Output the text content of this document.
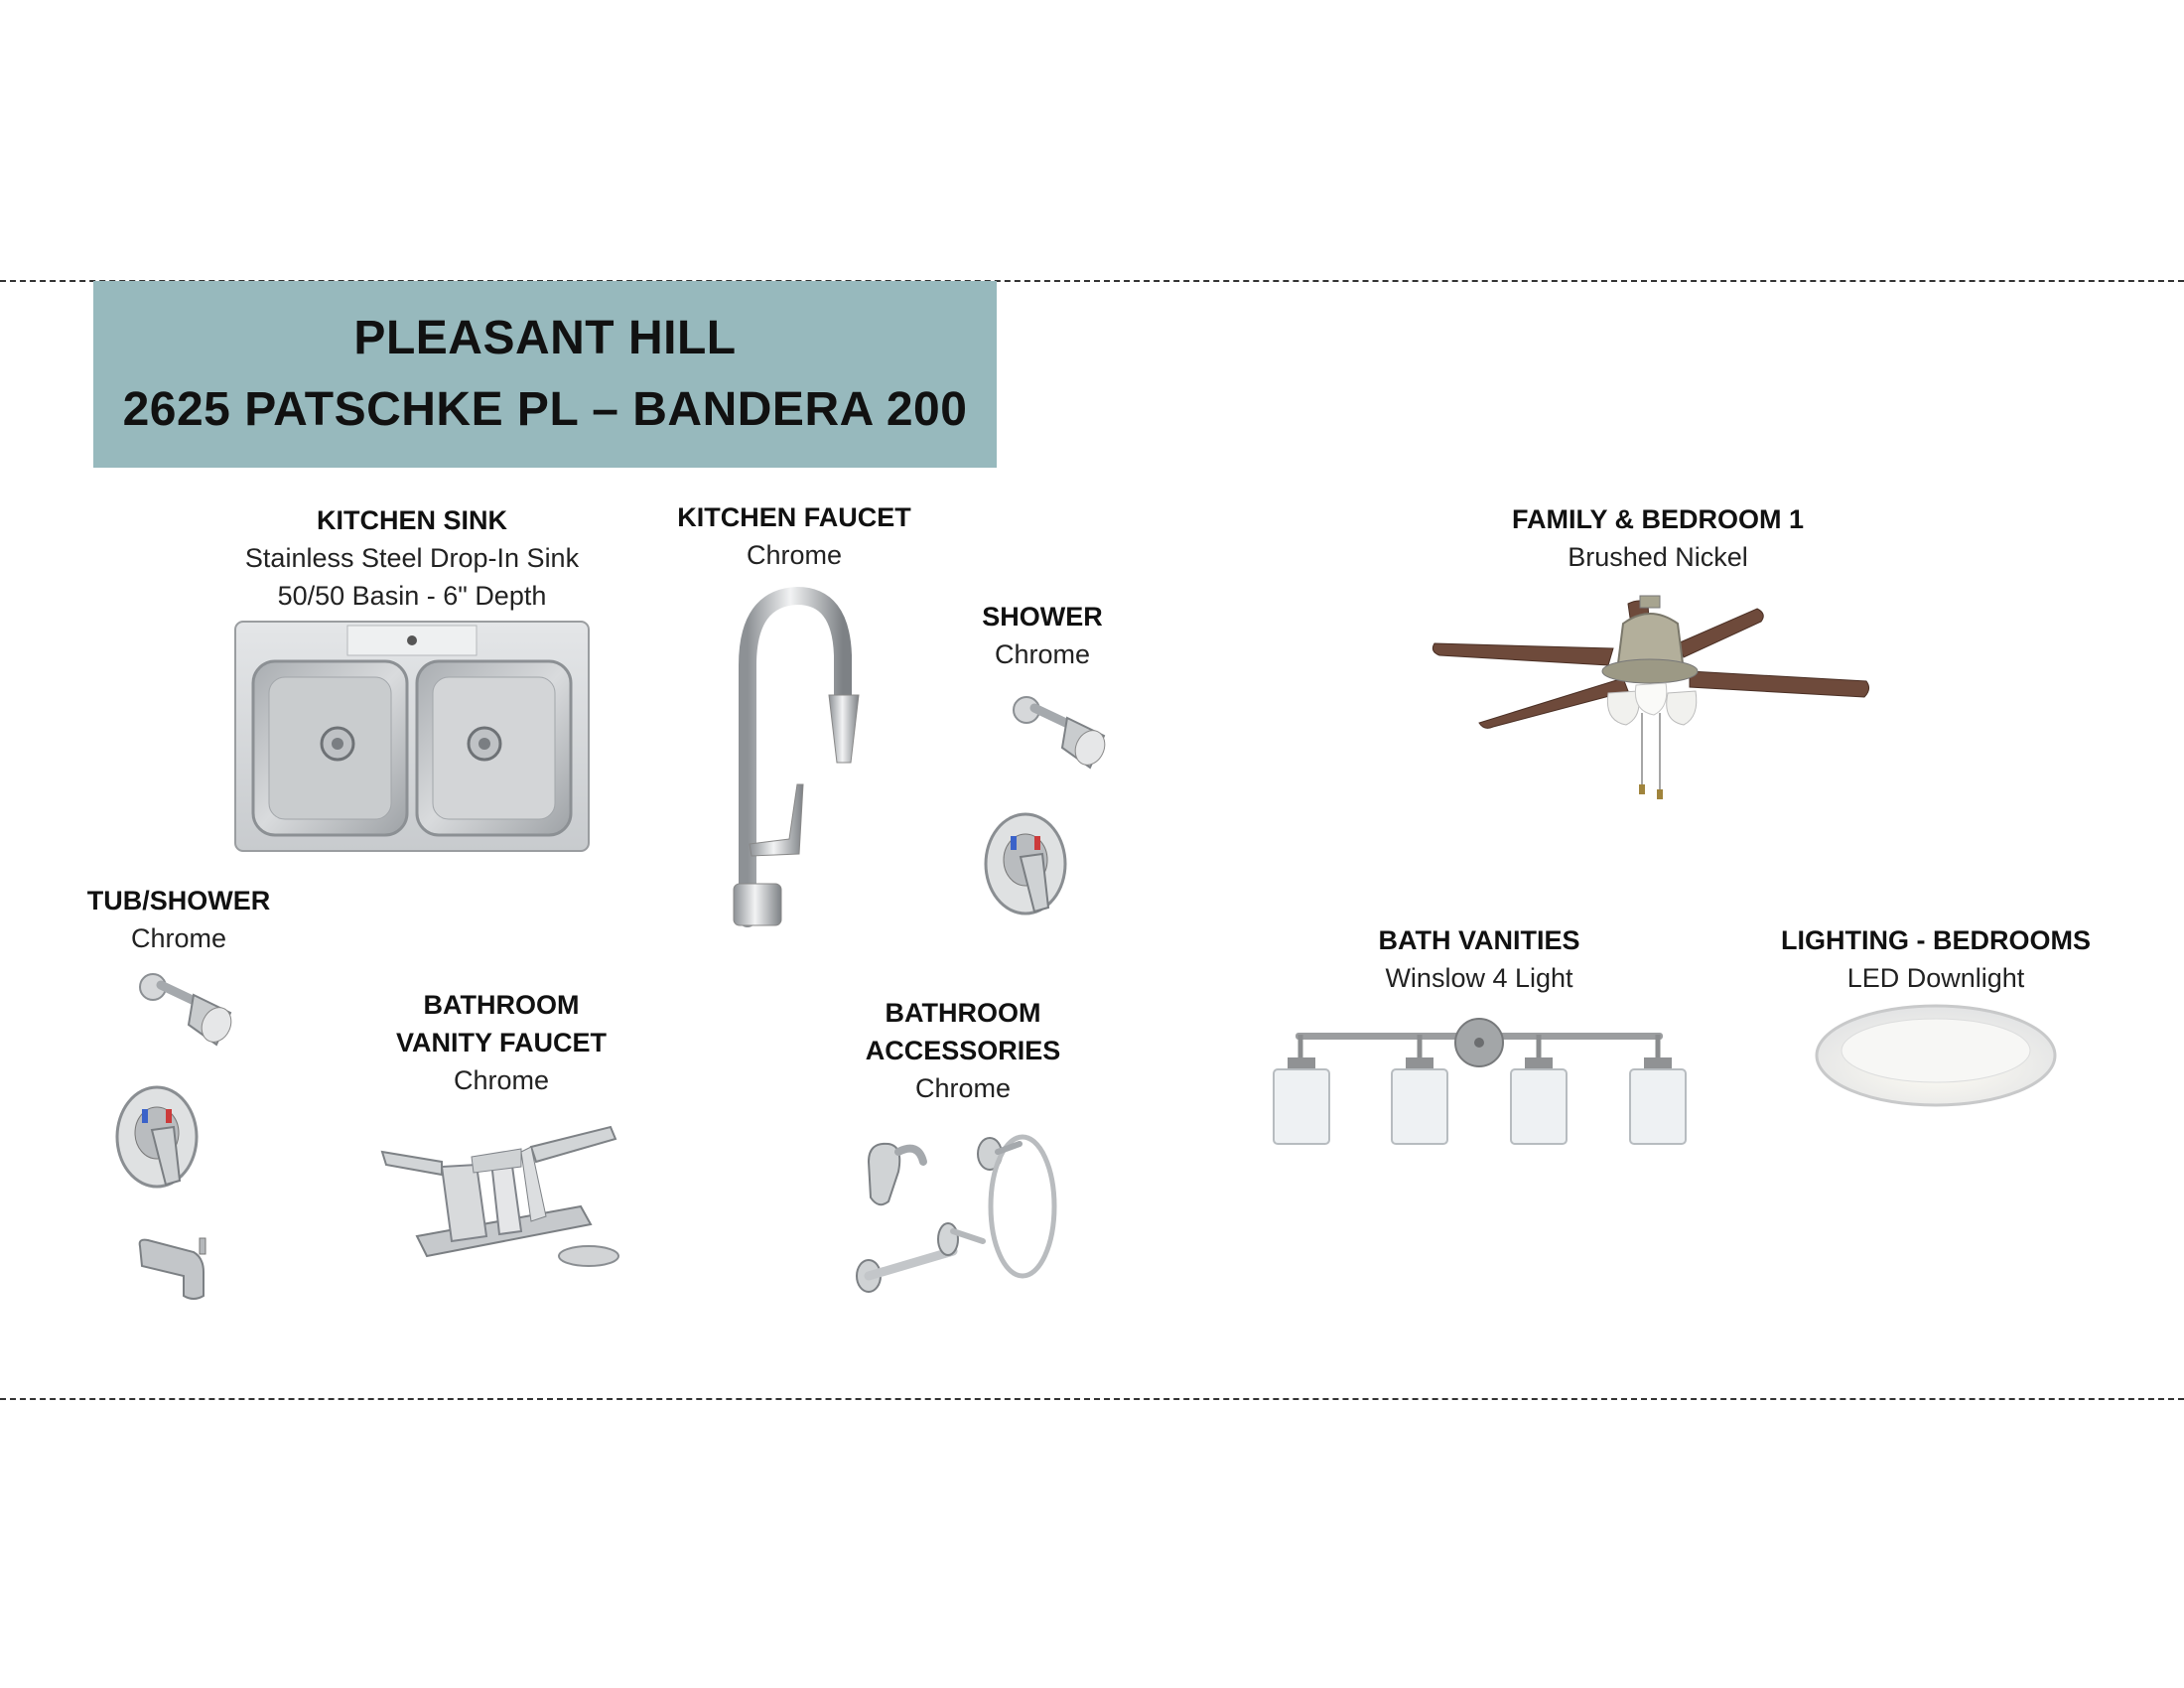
PLEASANT HILL
2625 PATSCHKE PL – BANDERA 200
KITCHEN SINK
Stainless Steel Drop-In Sink
50/50 Basin - 6" Depth
KITCHEN FAUCET
Chrome
SHOWER
Chrome
FAMILY & BEDROOM 1
Brushed Nickel
TUB/SHOWER
Chrome
BATHROOM
VANITY FAUCET
Chrome
BATHROOM
ACCESSORIES
Chrome
BATH VANITIES
Winslow 4 Light
LIGHTING - BEDROOMS
LED Downlight
